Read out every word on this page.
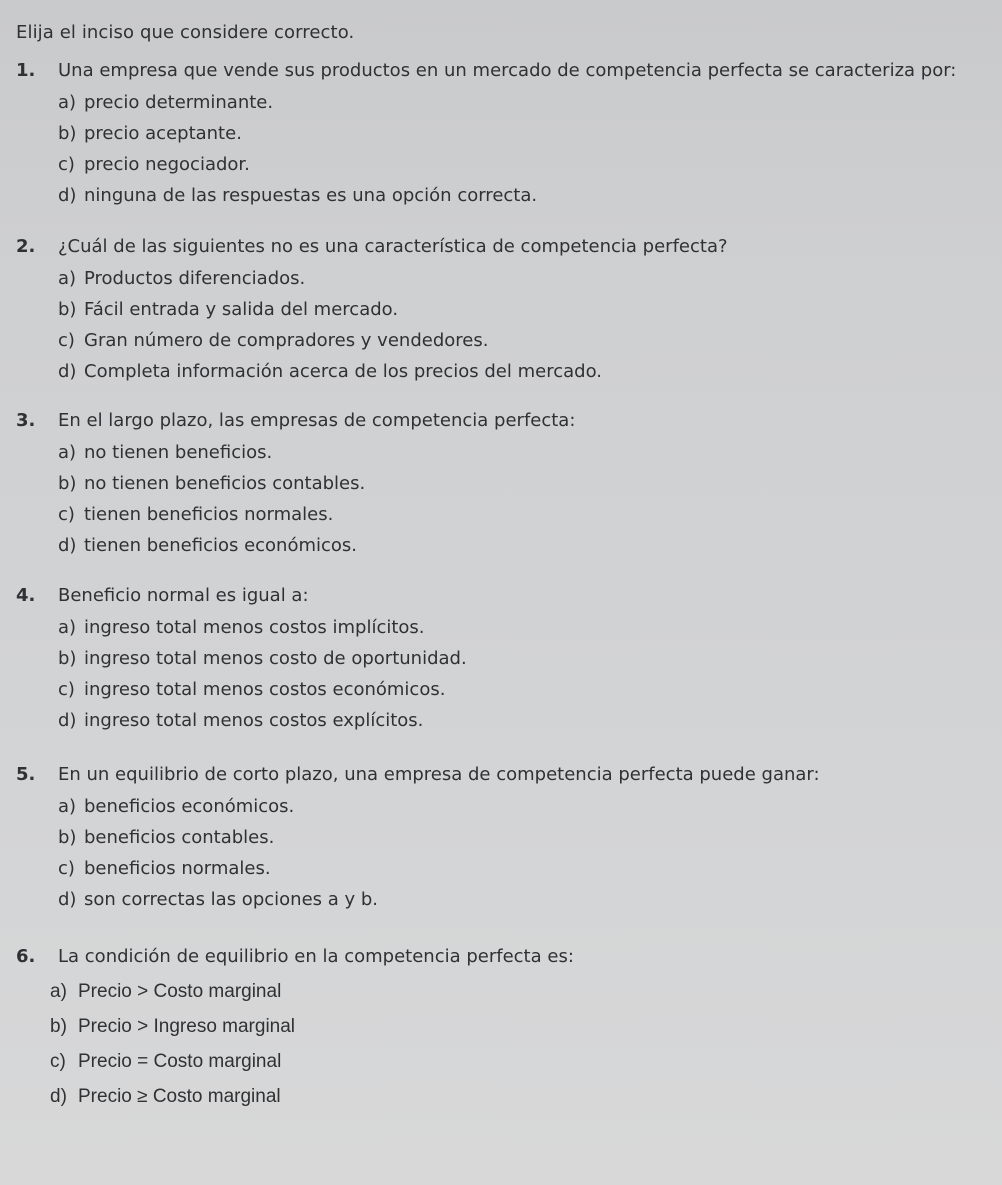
Elija el inciso que considere correcto.
1.	Una empresa que vende sus productos en un mercado de competencia perfecta se caracteriza por:
a) precio determinante.
b) precio aceptante.
c) precio negociador.
d) ninguna de las respuestas es una opción correcta.
2.	¿Cuál de las siguientes no es una característica de competencia perfecta?
a) Productos diferenciados.
b) Fácil entrada y salida del mercado.
c) Gran número de compradores y vendedores.
d) Completa información acerca de los precios del mercado.
3.	En el largo plazo, las empresas de competencia perfecta:
a) no tienen beneficios.
b) no tienen beneficios contables.
c) tienen beneficios normales.
d) tienen beneficios económicos.
4.	Beneficio normal es igual a:
a) ingreso total menos costos implícitos.
b) ingreso total menos costo de oportunidad.
c) ingreso total menos costos económicos.
d) ingreso total menos costos explícitos.
5.	En un equilibrio de corto plazo, una empresa de competencia perfecta puede ganar:
a) beneficios económicos.
b) beneficios contables.
c) beneficios normales.
d) son correctas las opciones a y b.
6.	La condición de equilibrio en la competencia perfecta es:
a) Precio > Costo marginal
b) Precio > Ingreso marginal
c) Precio = Costo marginal
d) Precio ≥ Costo marginal
